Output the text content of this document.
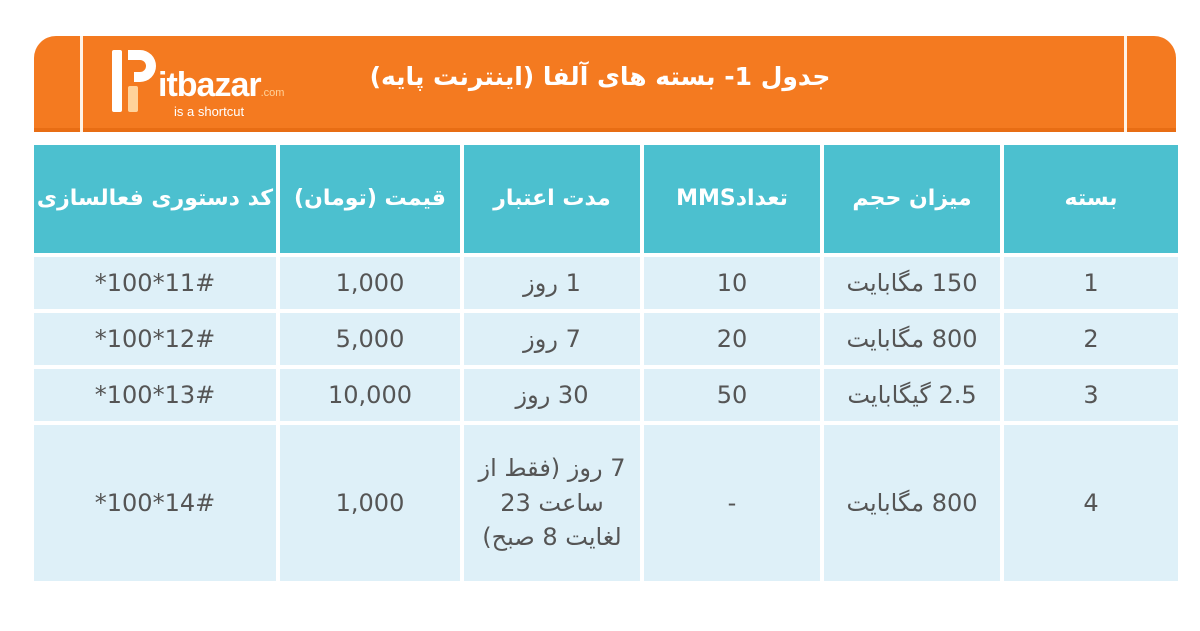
itbazar.com
is a shortcut
جدول 1- بسته های آلفا (اینترنت پایه)
بسته	میزان حجم	تعدادMMS	مدت اعتبار	قیمت (تومان)	کد دستوری فعالسازی
1	150 مگابایت	10	1 روز	1,000	*100*11#
2	800 مگابایت	20	7 روز	5,000	*100*12#
3	2.5 گیگابایت	50	30 روز	10,000	*100*13#
4	800 مگابایت	-	7 روز (فقط از ساعت 23 لغایت 8 صبح)	1,000	*100*14#
